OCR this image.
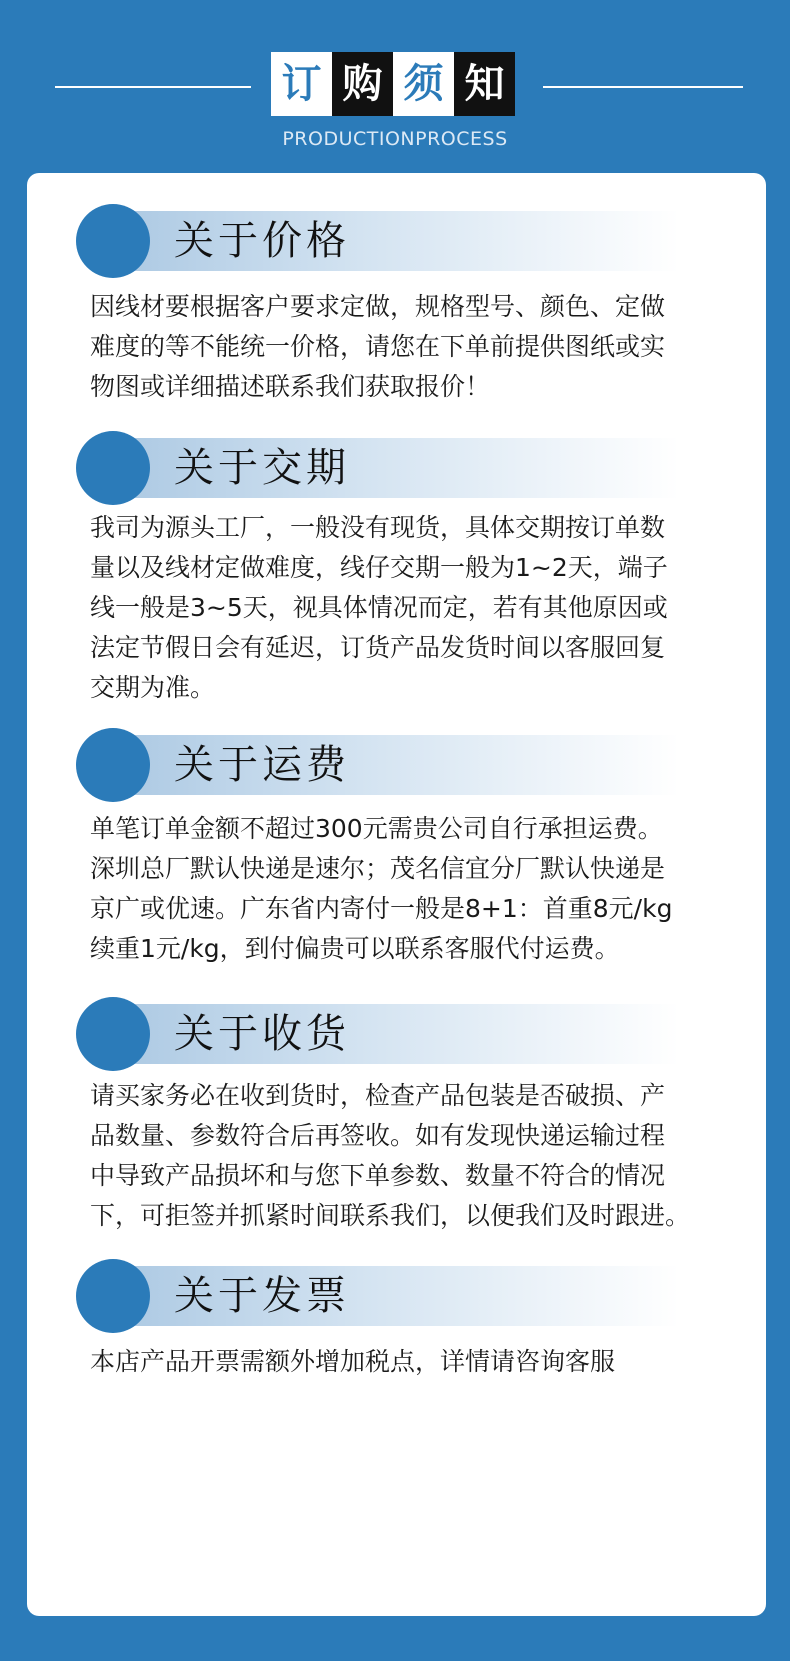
订 购 须 知
PRODUCTIONPROCESS
关于价格
因线材要根据客户要求定做，规格型号、颜色、定做
难度的等不能统一价格，请您在下单前提供图纸或实
物图或详细描述联系我们获取报价！
关于交期
我司为源头工厂，一般没有现货，具体交期按订单数
量以及线材定做难度，线仔交期一般为1~2天，端子
线一般是3~5天，视具体情况而定，若有其他原因或
法定节假日会有延迟，订货产品发货时间以客服回复
交期为准。
关于运费
单笔订单金额不超过300元需贵公司自行承担运费。
深圳总厂默认快递是速尔；茂名信宜分厂默认快递是
京广或优速。广东省内寄付一般是8+1：首重8元/kg
续重1元/kg，到付偏贵可以联系客服代付运费。
关于收货
请买家务必在收到货时，检查产品包装是否破损、产
品数量、参数符合后再签收。如有发现快递运输过程
中导致产品损坏和与您下单参数、数量不符合的情况
下，可拒签并抓紧时间联系我们，以便我们及时跟进。
关于发票
本店产品开票需额外增加税点，详情请咨询客服
